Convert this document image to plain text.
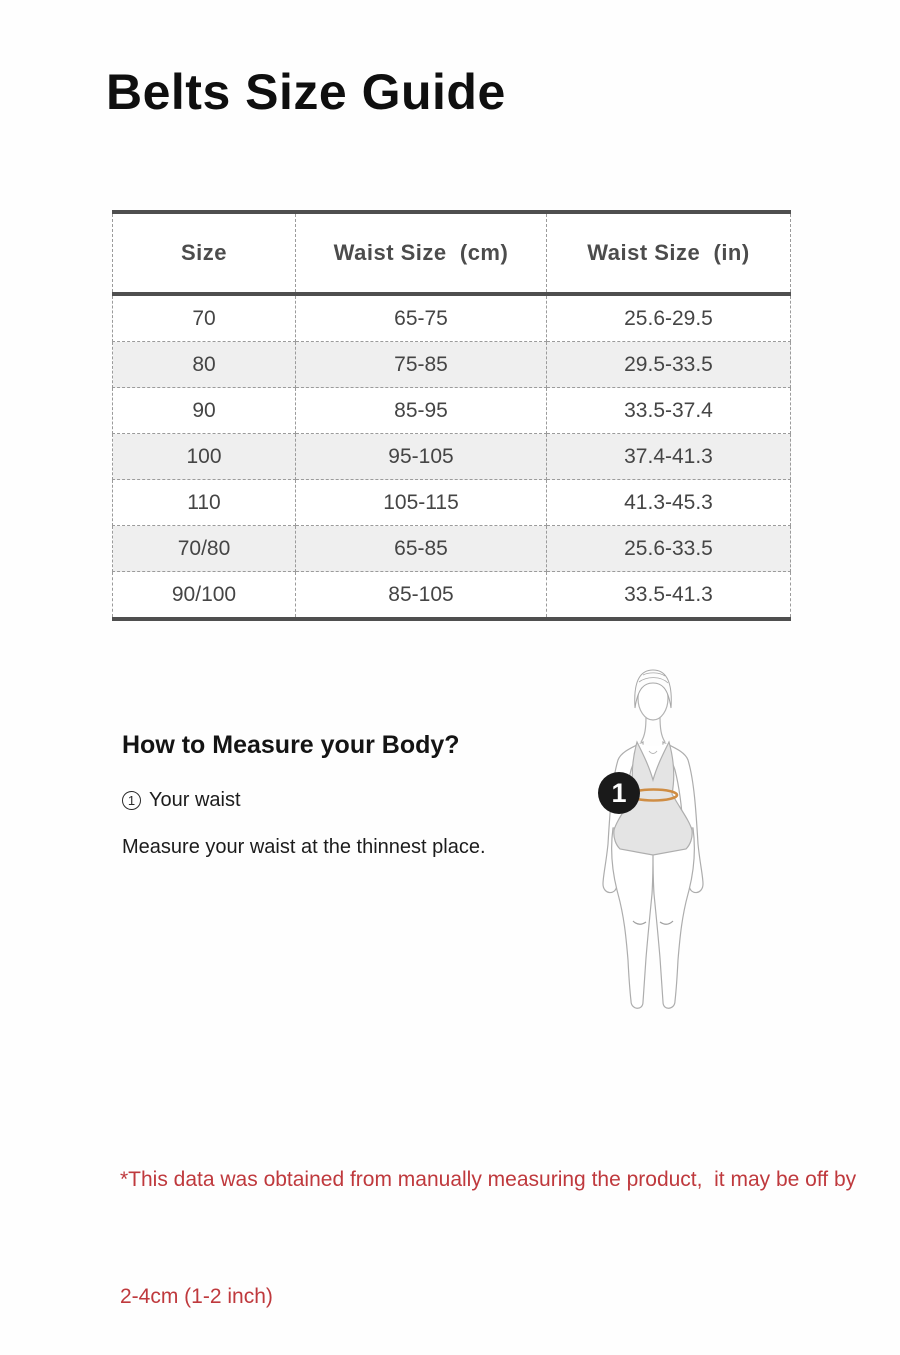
Belts Size Guide
Size	Waist Size  (cm)	Waist Size  (in)
70	65-75	25.6-29.5
80	75-85	29.5-33.5
90	85-95	33.5-37.4
100	95-105	37.4-41.3
110	105-115	41.3-45.3
70/80	65-85	25.6-33.5
90/100	85-105	33.5-41.3
How to Measure your Body?
1 Your waist
Measure your waist at the thinnest place.
1

*This data was obtained from manually measuring the product,  it may be off by

2-4cm (1-2 inch)
